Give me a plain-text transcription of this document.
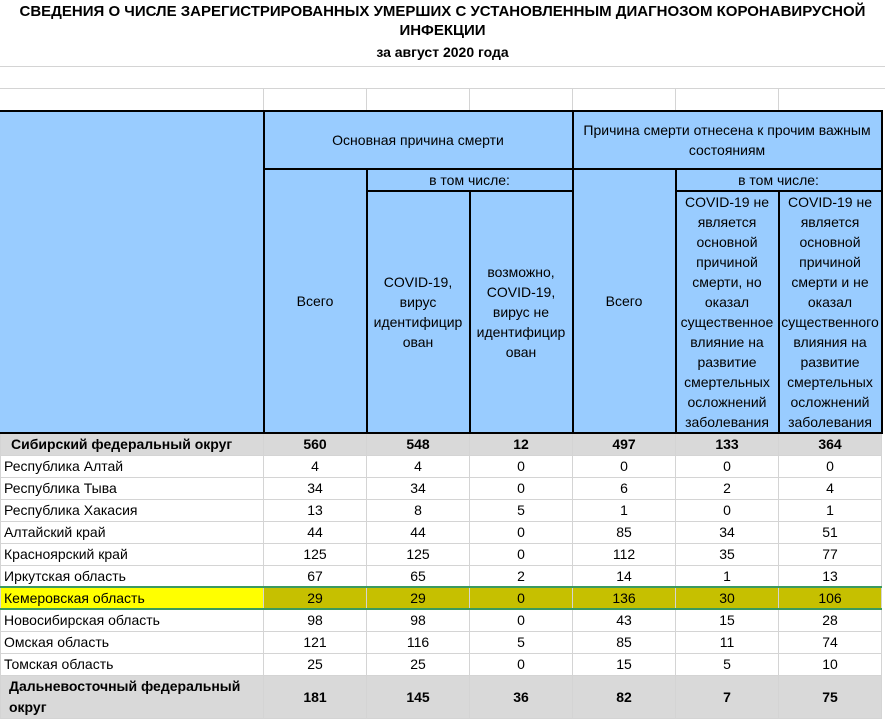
СВЕДЕНИЯ О ЧИСЛЕ ЗАРЕГИСТРИРОВАННЫХ УМЕРШИХ С УСТАНОВЛЕННЫМ ДИАГНОЗОМ КОРОНАВИРУСНОЙ ИНФЕКЦИИ
за август 2020 года
	Основная причина смерти			Причина смерти отнесена к прочим важным состояниям		
	Всего	в том числе:		Всего	в том числе:	
		COVID-19, вирус идентифицир ован	возможно, COVID-19, вирус не идентифицир ован		COVID-19 не является основной причиной смерти, но оказал существенное влияние на развитие смертельных осложнений заболевания	COVID-19 не является основной причиной смерти и не оказал существенного влияния на развитие смертельных осложнений заболевания
Сибирский федеральный округ	560	548	12	497	133	364
Республика Алтай	4	4	0	0	0	0
Республика Тыва	34	34	0	6	2	4
Республика Хакасия	13	8	5	1	0	1
Алтайский край	44	44	0	85	34	51
Красноярский край	125	125	0	112	35	77
Иркутская область	67	65	2	14	1	13
Кемеровская область	29	29	0	136	30	106
Новосибирская область	98	98	0	43	15	28
Омская область	121	116	5	85	11	74
Томская область	25	25	0	15	5	10
Дальневосточный федеральный округ	181	145	36	82	7	75
